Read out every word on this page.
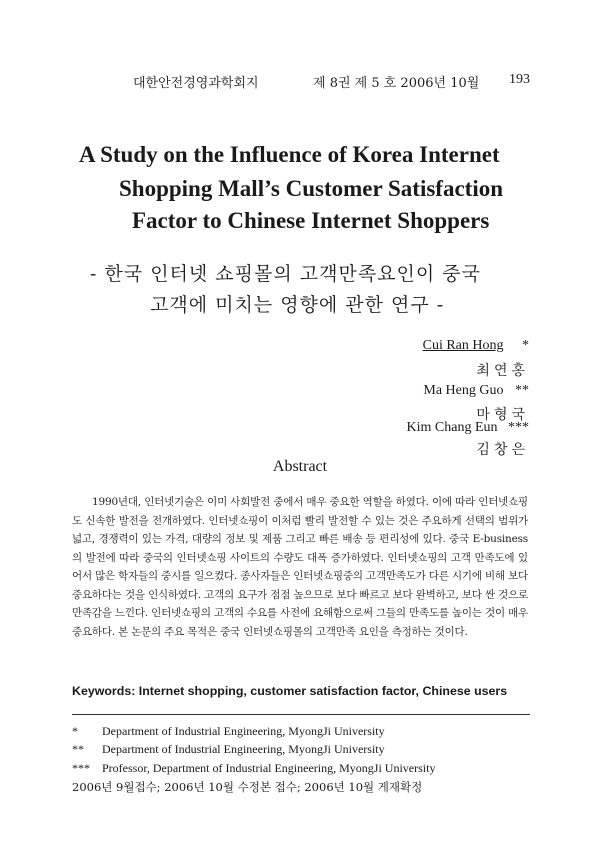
대한안전경영과학회지	제 8권 제 5 호 2006년 10월 193
A Study on the Influence of Korea Internet
Shopping Mall’s Customer Satisfaction
Factor to Chinese Internet Shoppers
- 한국 인터넷 쇼핑몰의 고객만족요인이 중국
고객에 미치는 영향에 관한 연구 -
Cui Ran Hong *
최연홍
Ma Heng Guo **
마형국
Kim Chang Eun ***
김창은
Abstract
1990년대, 인터넷기술은 이미 사회발전 중에서 매우 중요한 역할을 하였다. 이에 따라 인터넷쇼핑도 신속한 발전을 전개하였다. 인터넷쇼핑이 이처럼 빨리 발전할 수 있는 것은 주요하게 선택의 범위가 넓고, 경쟁력이 있는 가격, 대량의 정보 및 제품 그리고 빠른 배송 등 편리성에 있다. 중국 E-business의 발전에 따라 중국의 인터넷쇼핑 사이트의 수량도 대폭 증가하였다. 인터넷쇼핑의 고객 만족도에 있어서 많은 학자들의 중시를 일으켰다. 종사자들은 인터넷쇼핑중의 고객만족도가 다른 시기에 비해 보다 중요하다는 것을 인식하였다. 고객의 요구가 점점 높으므로 보다 빠르고 보다 완벽하고, 보다 싼 것으로 만족감을 느낀다. 인터넷쇼핑의 고객의 수요를 사전에 요해함으로써 그들의 만족도를 높이는 것이 매우 중요하다. 본 논문의 주요 목적은 중국 인터넷쇼핑몰의 고객만족 요인을 측정하는 것이다.
Keywords: Internet shopping, customer satisfaction factor, Chinese users
* Department of Industrial Engineering, MyongJi University
** Department of Industrial Engineering, MyongJi University
*** Professor, Department of Industrial Engineering, MyongJi University
2006년 9월접수; 2006년 10월 수정본 접수; 2006년 10월 게재확정
